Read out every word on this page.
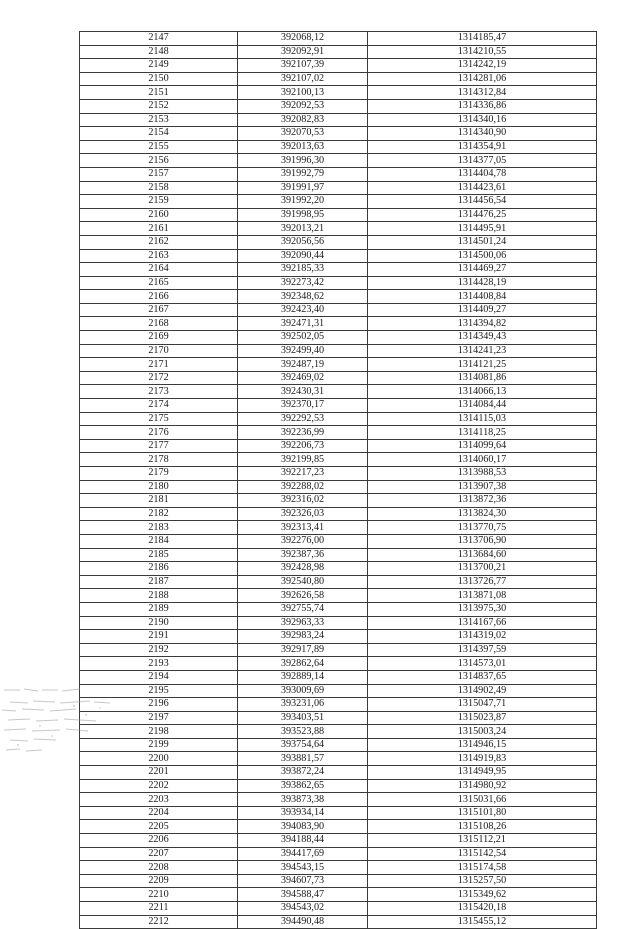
2147	392068,12	1314185,47
2148	392092,91	1314210,55
2149	392107,39	1314242,19
2150	392107,02	1314281,06
2151	392100,13	1314312,84
2152	392092,53	1314336,86
2153	392082,83	1314340,16
2154	392070,53	1314340,90
2155	392013,63	1314354,91
2156	391996,30	1314377,05
2157	391992,79	1314404,78
2158	391991,97	1314423,61
2159	391992,20	1314456,54
2160	391998,95	1314476,25
2161	392013,21	1314495,91
2162	392056,56	1314501,24
2163	392090,44	1314500,06
2164	392185,33	1314469,27
2165	392273,42	1314428,19
2166	392348,62	1314408,84
2167	392423,40	1314409,27
2168	392471,31	1314394,82
2169	392502,05	1314349,43
2170	392499,40	1314241,23
2171	392487,19	1314121,25
2172	392469,02	1314081,86
2173	392430,31	1314066,13
2174	392370,17	1314084,44
2175	392292,53	1314115,03
2176	392236,99	1314118,25
2177	392206,73	1314099,64
2178	392199,85	1314060,17
2179	392217,23	1313988,53
2180	392288,02	1313907,38
2181	392316,02	1313872,36
2182	392326,03	1313824,30
2183	392313,41	1313770,75
2184	392276,00	1313706,90
2185	392387,36	1313684,60
2186	392428,98	1313700,21
2187	392540,80	1313726,77
2188	392626,58	1313871,08
2189	392755,74	1313975,30
2190	392963,33	1314167,66
2191	392983,24	1314319,02
2192	392917,89	1314397,59
2193	392862,64	1314573,01
2194	392889,14	1314837,65
2195	393009,69	1314902,49
2196	393231,06	1315047,71
2197	393403,51	1315023,87
2198	393523,88	1315003,24
2199	393754,64	1314946,15
2200	393881,57	1314919,83
2201	393872,24	1314949,95
2202	393862,65	1314980,92
2203	393873,38	1315031,66
2204	393934,14	1315101,80
2205	394083,90	1315108,26
2206	394188,44	1315112,21
2207	394417,69	1315142,54
2208	394543,15	1315174,58
2209	394607,73	1315257,50
2210	394588,47	1315349,62
2211	394543,02	1315420,18
2212	394490,48	1315455,12
